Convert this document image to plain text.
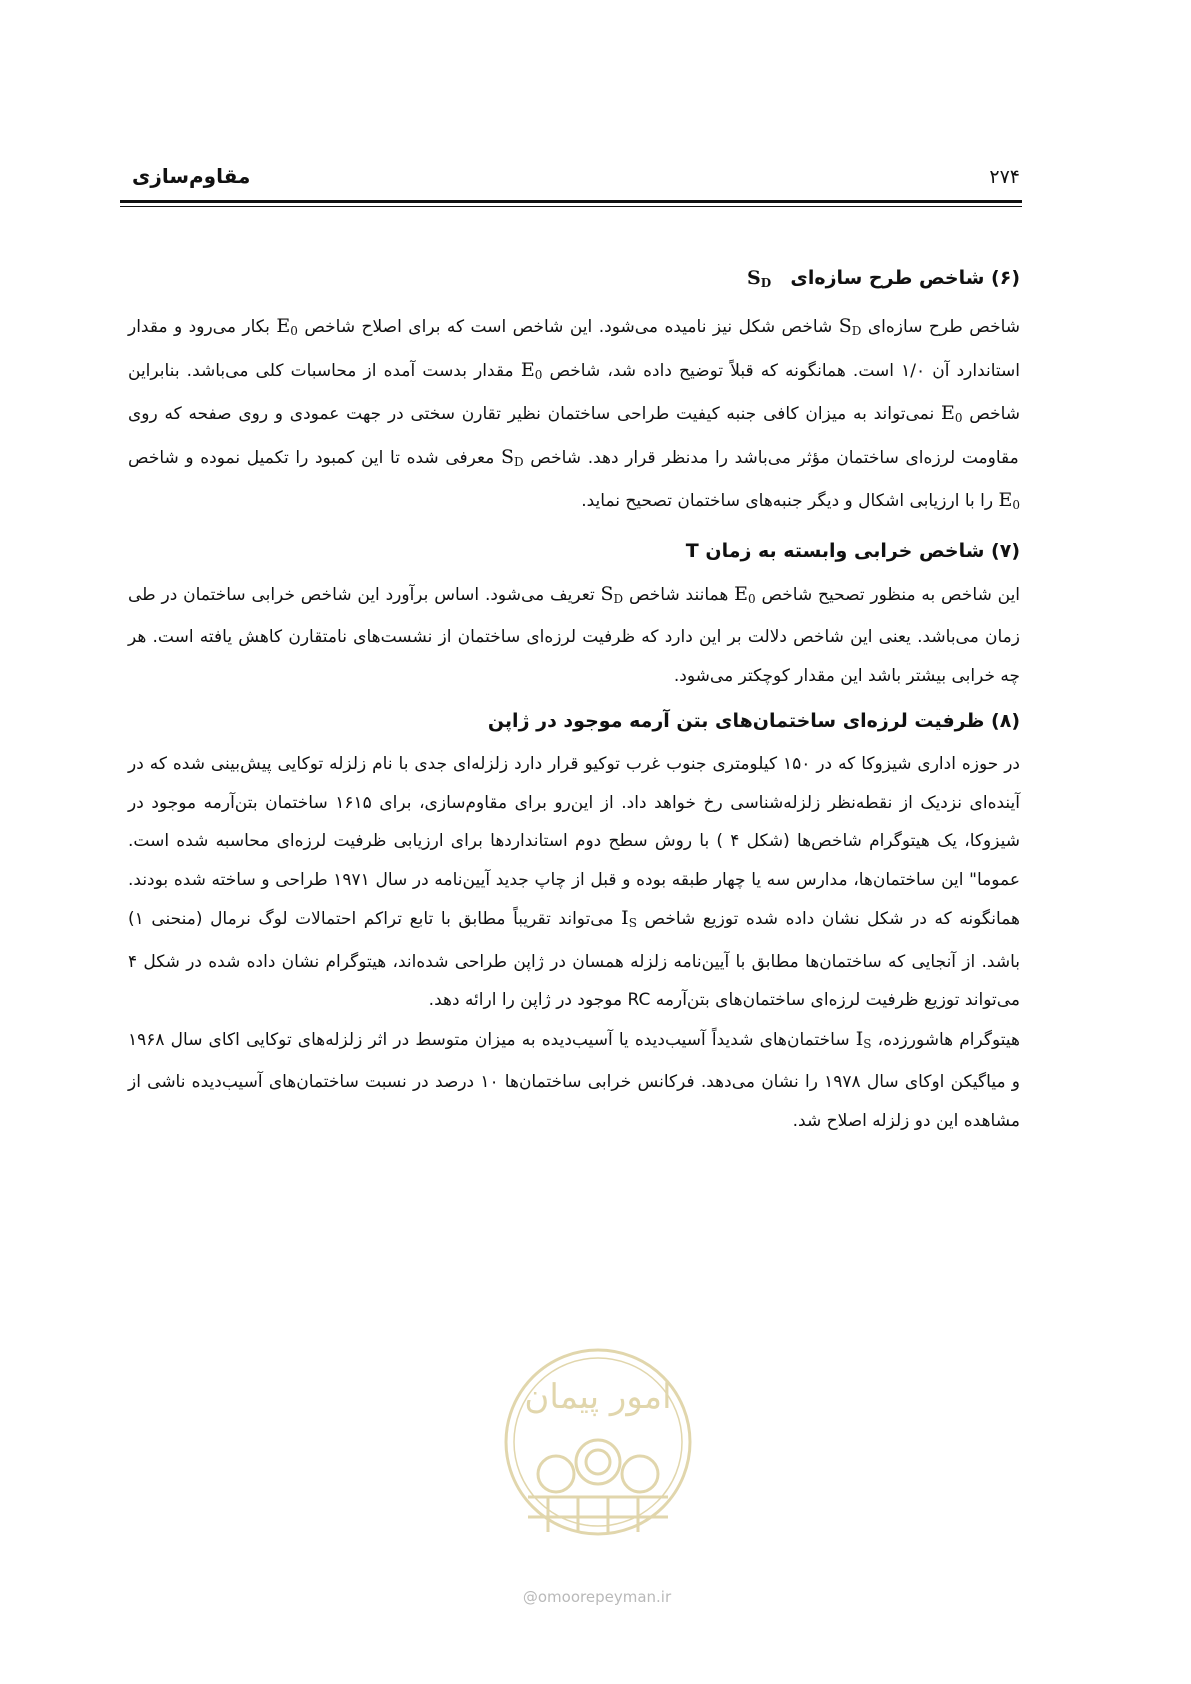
۲۷۴
مقاوم‌سازی
(۶) شاخص طرح سازه‌ای  $S_D$

شاخص طرح سازه‌ای $S_D$ شاخص شکل نیز نامیده می‌شود. این شاخص است که برای اصلاح شاخص $E_0$ بکار می‌رود و مقدار استاندارد آن ۱/۰ است. همانگونه که قبلاً توضیح داده شد، شاخص $E_0$ مقدار بدست آمده از محاسبات کلی می‌باشد. بنابراین شاخص $E_0$ نمی‌تواند به میزان کافی جنبه کیفیت طراحی ساختمان نظیر تقارن سختی در جهت عمودی و روی صفحه که روی مقاومت لرزه‌ای ساختمان مؤثر می‌باشد را مدنظر قرار دهد. شاخص $S_D$ معرفی شده تا این کمبود را تکمیل نموده و شاخص $E_0$ را با ارزیابی اشکال و دیگر جنبه‌های ساختمان تصحیح نماید.

(۷) شاخص خرابی وابسته به زمان T

این شاخص به منظور تصحیح شاخص $E_0$ همانند شاخص $S_D$ تعریف می‌شود. اساس برآورد این شاخص خرابی ساختمان در طی زمان می‌باشد. یعنی این شاخص دلالت بر این دارد که ظرفیت لرزه‌ای ساختمان از نشست‌های نامتقارن کاهش یافته است. هر چه خرابی بیشتر باشد این مقدار کوچکتر می‌شود.

(۸) ظرفیت لرزه‌ای ساختمان‌های بتن آرمه موجود در ژاپن

در حوزه اداری شیزوکا که در ۱۵۰ کیلومتری جنوب غرب توکیو قرار دارد زلزله‌ای جدی با نام زلزله توکایی پیش‌بینی شده که در آینده‌ای نزدیک از نقطه‌نظر زلزله‌شناسی رخ خواهد داد. از این‌رو برای مقاوم‌سازی، برای ۱۶۱۵ ساختمان بتن‌آرمه موجود در شیزوکا، یک هیتوگرام شاخص‌ها (شکل ۴ ) با روش سطح دوم استانداردها برای ارزیابی ظرفیت لرزه‌ای محاسبه شده است. عموما" این ساختمان‌ها، مدارس سه یا چهار طبقه بوده و قبل از چاپ جدید آیین‌نامه در سال ۱۹۷۱ طراحی و ساخته شده بودند. همانگونه که در شکل نشان داده شده توزیع شاخص $I_S$ می‌تواند تقریباً مطابق با تابع تراکم احتمالات لوگ نرمال (منحنی ۱) باشد. از آنجایی که ساختمان‌ها مطابق با آیین‌نامه زلزله همسان در ژاپن طراحی شده‌اند، هیتوگرام نشان داده شده در شکل ۴ می‌تواند توزیع ظرفیت لرزه‌ای ساختمان‌های بتن‌آرمه RC موجود در ژاپن را ارائه دهد.

هیتوگرام هاشورزده، $I_S$ ساختمان‌های شدیداً آسیب‌دیده یا آسیب‌دیده به میزان متوسط در اثر زلزله‌های توکایی اکای سال ۱۹۶۸ و میاگیکن اوکای سال ۱۹۷۸ را نشان می‌دهد. فرکانس خرابی ساختمان‌ها ۱۰ درصد در نسبت ساختمان‌های آسیب‌دیده ناشی از مشاهده این دو زلزله اصلاح شد.

امور پیمان
@omoorepeyman.ir
